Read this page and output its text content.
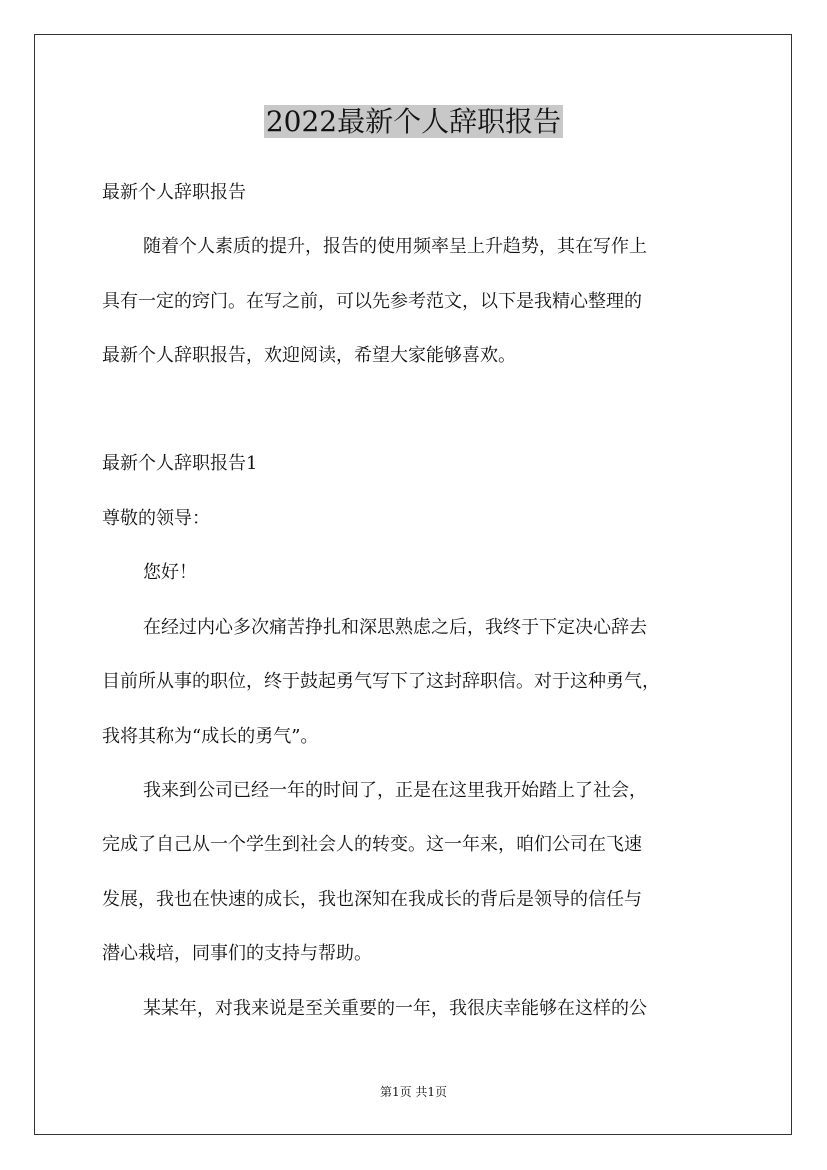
2022最新个人辞职报告

最新个人辞职报告

随着个人素质的提升，报告的使用频率呈上升趋势，其在写作上

具有一定的窍门。在写之前，可以先参考范文，以下是我精心整理的

最新个人辞职报告，欢迎阅读，希望大家能够喜欢。

最新个人辞职报告1

尊敬的领导：

您好！

在经过内心多次痛苦挣扎和深思熟虑之后，我终于下定决心辞去

目前所从事的职位，终于鼓起勇气写下了这封辞职信。对于这种勇气，

我将其称为“成长的勇气”。

我来到公司已经一年的时间了，正是在这里我开始踏上了社会，

完成了自己从一个学生到社会人的转变。这一年来，咱们公司在飞速

发展，我也在快速的成长，我也深知在我成长的背后是领导的信任与

潜心栽培，同事们的支持与帮助。

某某年，对我来说是至关重要的一年，我很庆幸能够在这样的公

第1页 共1页
